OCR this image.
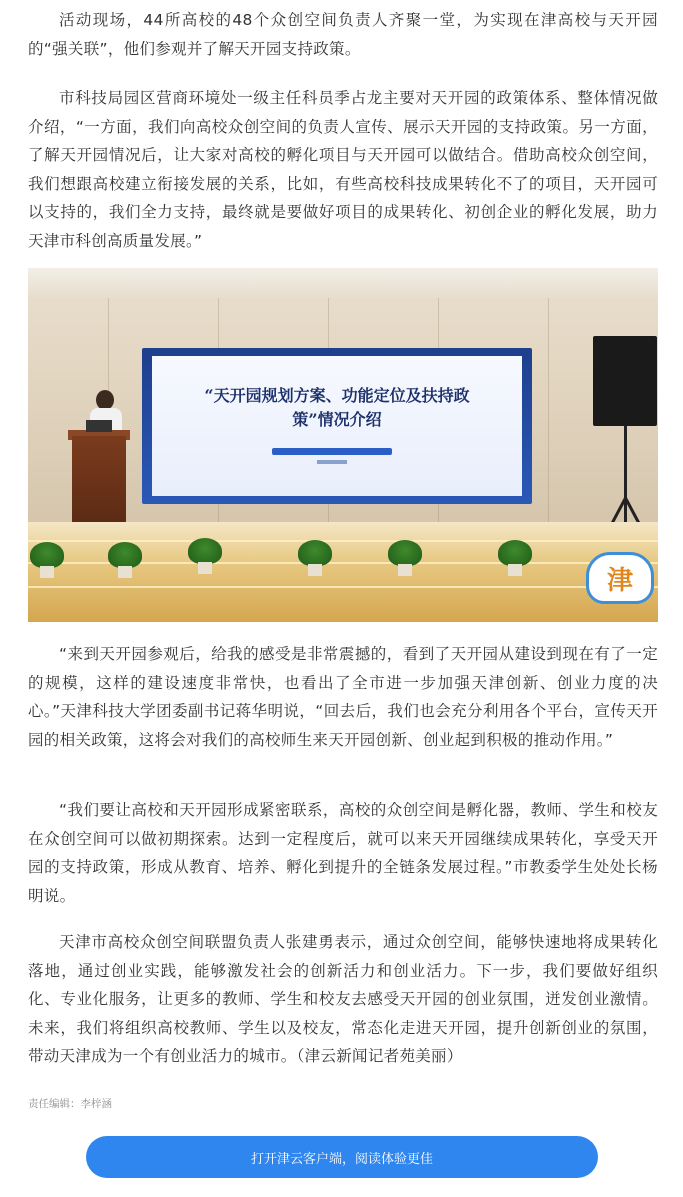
活动现场，44所高校的48个众创空间负责人齐聚一堂，为实现在津高校与天开园的“强关联”，他们参观并了解天开园支持政策。

市科技局园区营商环境处一级主任科员季占龙主要对天开园的政策体系、整体情况做介绍，“一方面，我们向高校众创空间的负责人宣传、展示天开园的支持政策。另一方面，了解天开园情况后，让大家对高校的孵化项目与天开园可以做结合。借助高校众创空间，我们想跟高校建立衔接发展的关系，比如，有些高校科技成果转化不了的项目，天开园可以支持的，我们全力支持，最终就是要做好项目的成果转化、初创企业的孵化发展，助力天津市科创高质量发展。”

“天开园规划方案、功能定位及扶持政策”情况介绍
津

“来到天开园参观后，给我的感受是非常震撼的，看到了天开园从建设到现在有了一定的规模，这样的建设速度非常快，也看出了全市进一步加强天津创新、创业力度的决心。”天津科技大学团委副书记蒋华明说，“回去后，我们也会充分利用各个平台，宣传天开园的相关政策，这将会对我们的高校师生来天开园创新、创业起到积极的推动作用。”

“我们要让高校和天开园形成紧密联系，高校的众创空间是孵化器，教师、学生和校友在众创空间可以做初期探索。达到一定程度后，就可以来天开园继续成果转化，享受天开园的支持政策，形成从教育、培养、孵化到提升的全链条发展过程。”市教委学生处处长杨明说。

天津市高校众创空间联盟负责人张建勇表示，通过众创空间，能够快速地将成果转化落地，通过创业实践，能够激发社会的创新活力和创业活力。下一步，我们要做好组织化、专业化服务，让更多的教师、学生和校友去感受天开园的创业氛围，迸发创业激情。未来，我们将组织高校教师、学生以及校友，常态化走进天开园，提升创新创业的氛围，带动天津成为一个有创业活力的城市。（津云新闻记者苑美丽）

责任编辑：李梓涵

打开津云客户端，阅读体验更佳
